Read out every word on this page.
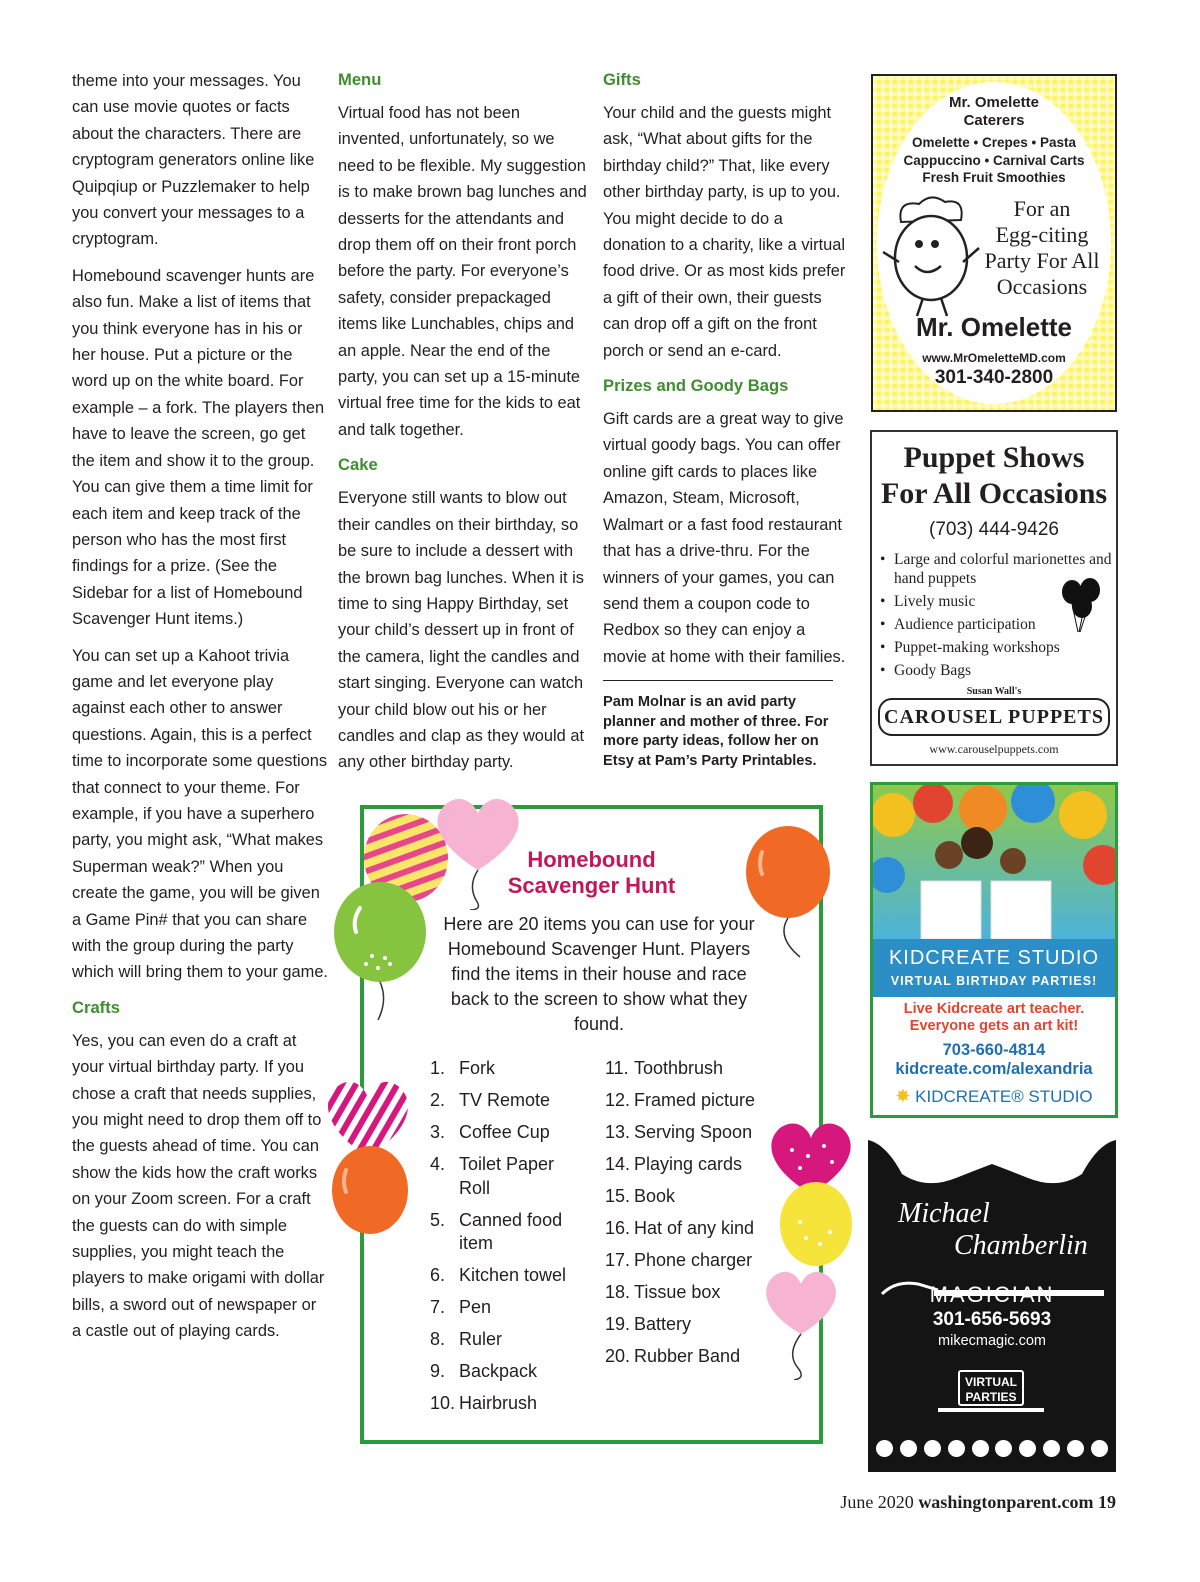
theme into your messages. You can use movie quotes or facts about the characters. There are cryptogram generators online like Quipqiup or Puzzlemaker to help you convert your messages to a cryptogram.

Homebound scavenger hunts are also fun. Make a list of items that you think everyone has in his or her house. Put a picture or the word up on the white board. For example – a fork. The players then have to leave the screen, go get the item and show it to the group. You can give them a time limit for each item and keep track of the person who has the most first findings for a prize. (See the Sidebar for a list of Homebound Scavenger Hunt items.)

You can set up a Kahoot trivia game and let everyone play against each other to answer questions. Again, this is a perfect time to incorporate some questions that connect to your theme. For example, if you have a superhero party, you might ask, “What makes Superman weak?” When you create the game, you will be given a Game Pin# that you can share with the group during the party which will bring them to your game.

Crafts

Yes, you can even do a craft at your virtual birthday party. If you chose a craft that needs supplies, you might need to drop them off to the guests ahead of time. You can show the kids how the craft works on your Zoom screen. For a craft the guests can do with simple supplies, you might teach the players to make origami with dollar bills, a sword out of newspaper or a castle out of playing cards.

Menu

Virtual food has not been invented, unfortunately, so we need to be flexible. My suggestion is to make brown bag lunches and desserts for the attendants and drop them off on their front porch before the party. For everyone’s safety, consider prepackaged items like Lunchables, chips and an apple. Near the end of the party, you can set up a 15-minute virtual free time for the kids to eat and talk together.

Cake

Everyone still wants to blow out their candles on their birthday, so be sure to include a dessert with the brown bag lunches. When it is time to sing Happy Birthday, set your child’s dessert up in front of the camera, light the candles and start singing. Everyone can watch your child blow out his or her candles and clap as they would at any other birthday party.

Gifts

Your child and the guests might ask, “What about gifts for the birthday child?” That, like every other birthday party, is up to you. You might decide to do a donation to a charity, like a virtual food drive. Or as most kids prefer a gift of their own, their guests can drop off a gift on the front porch or send an e-card.

Prizes and Goody Bags

Gift cards are a great way to give virtual goody bags. You can offer online gift cards to places like Amazon, Steam, Microsoft, Walmart or a fast food restaurant that has a drive-thru. For the winners of your games, you can send them a coupon code to Redbox so they can enjoy a movie at home with their families.

Pam Molnar is an avid party planner and mother of three. For more party ideas, follow her on Etsy at Pam’s Party Printables.

Homebound
Scavenger Hunt
Here are 20 items you can use for your Homebound Scavenger Hunt. Players find the items in their house and race back to the screen to show what they found.
1. Fork
2. TV Remote
3. Coffee Cup
4. Toilet Paper Roll
5. Canned food item
6. Kitchen towel
7. Pen
8. Ruler
9. Backpack
10. Hairbrush
11. Toothbrush
12. Framed picture
13. Serving Spoon
14. Playing cards
15. Book
16. Hat of any kind
17. Phone charger
18. Tissue box
19. Battery
20. Rubber Band
Mr. Omelette
Caterers
Omelette • Crepes • Pasta
Cappuccino • Carnival Carts
Fresh Fruit Smoothies
For an
Egg-citing
Party For All
Occasions
Mr. Omelette
www.MrOmeletteMD.com
301-340-2800
Puppet Shows
For All Occasions
(703) 444-9426
• Large and colorful marionettes and hand puppets
• Lively music
• Audience participation
• Puppet-making workshops
• Goody Bags
Susan Wall's
CAROUSEL PUPPETS
www.carouselpuppets.com
KIDCREATE STUDIO
VIRTUAL BIRTHDAY PARTIES!
Live Kidcreate art teacher.
Everyone gets an art kit!
703-660-4814
kidcreate.com/alexandria
✸ KIDCREATE® STUDIO
Michael
Chamberlin
MAGICIAN
301-656-5693
mikecmagic.com
VIRTUAL
PARTIES
June 2020 washingtonparent.com 19
